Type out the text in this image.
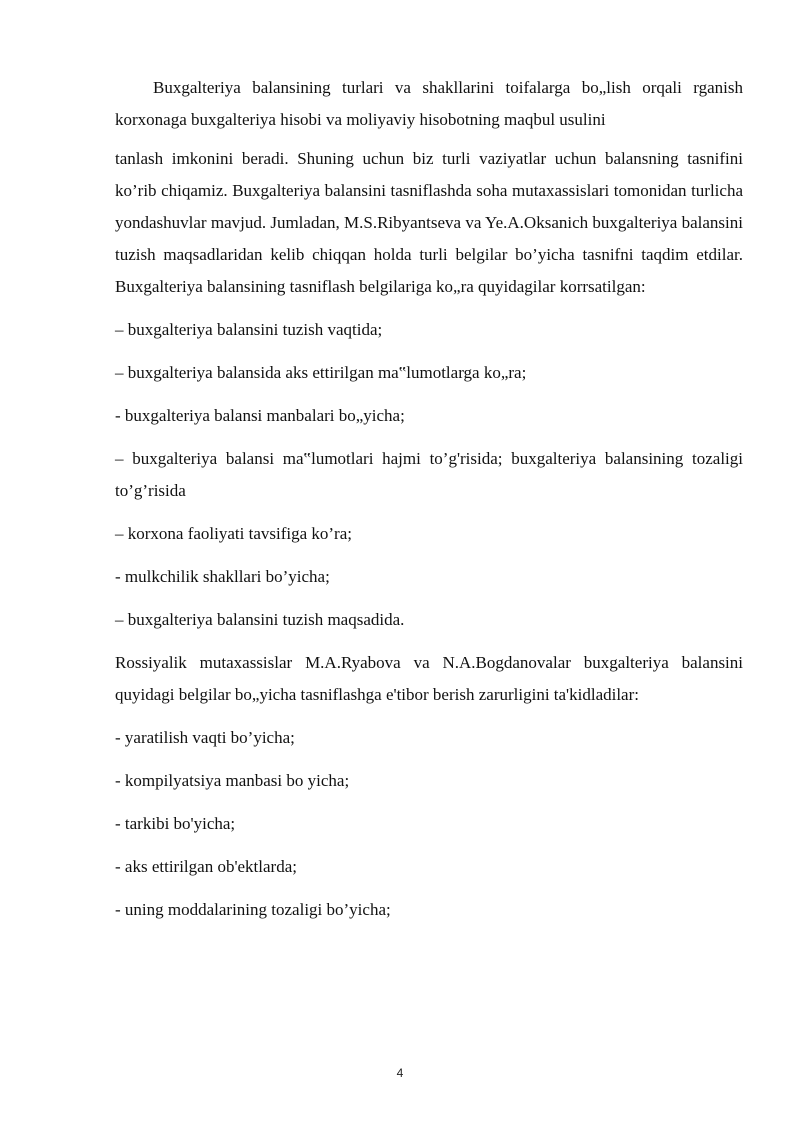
Buxgalteriya balansining turlari va shakllarini toifalarga bo„lish orqali rganish korxonaga buxgalteriya hisobi va moliyaviy hisobotning maqbul usulini

tanlash imkonini beradi. Shuning uchun biz turli vaziyatlar uchun balansning tasnifini ko’rib chiqamiz. Buxgalteriya balansini tasniflashda soha mutaxassislari tomonidan turlicha yondashuvlar mavjud. Jumladan, M.S.Ribyantseva va Ye.A.Oksanich buxgalteriya balansini tuzish maqsadlaridan kelib chiqqan holda turli belgilar bo’yicha tasnifni taqdim etdilar. Buxgalteriya balansining tasniflash belgilariga ko„ra quyidagilar korrsatilgan:

– buxgalteriya balansini tuzish vaqtida;

– buxgalteriya balansida aks ettirilgan ma‟lumotlarga ko„ra;

- buxgalteriya balansi manbalari bo„yicha;

– buxgalteriya balansi ma‟lumotlari hajmi to’g'risida; buxgalteriya balansining tozaligi to’g’risida

– korxona faoliyati tavsifiga ko’ra;

- mulkchilik shakllari bo’yicha;

– buxgalteriya balansini tuzish maqsadida.

Rossiyalik mutaxassislar M.A.Ryabova va N.A.Bogdanovalar buxgalteriya balansini quyidagi belgilar bo„yicha tasniflashga e'tibor berish zarurligini ta'kidladilar:

- yaratilish vaqti bo’yicha;

- kompilyatsiya manbasi bo yicha;

- tarkibi bo'yicha;

- aks ettirilgan ob'ektlarda;

- uning moddalarining tozaligi bo’yicha;

4
